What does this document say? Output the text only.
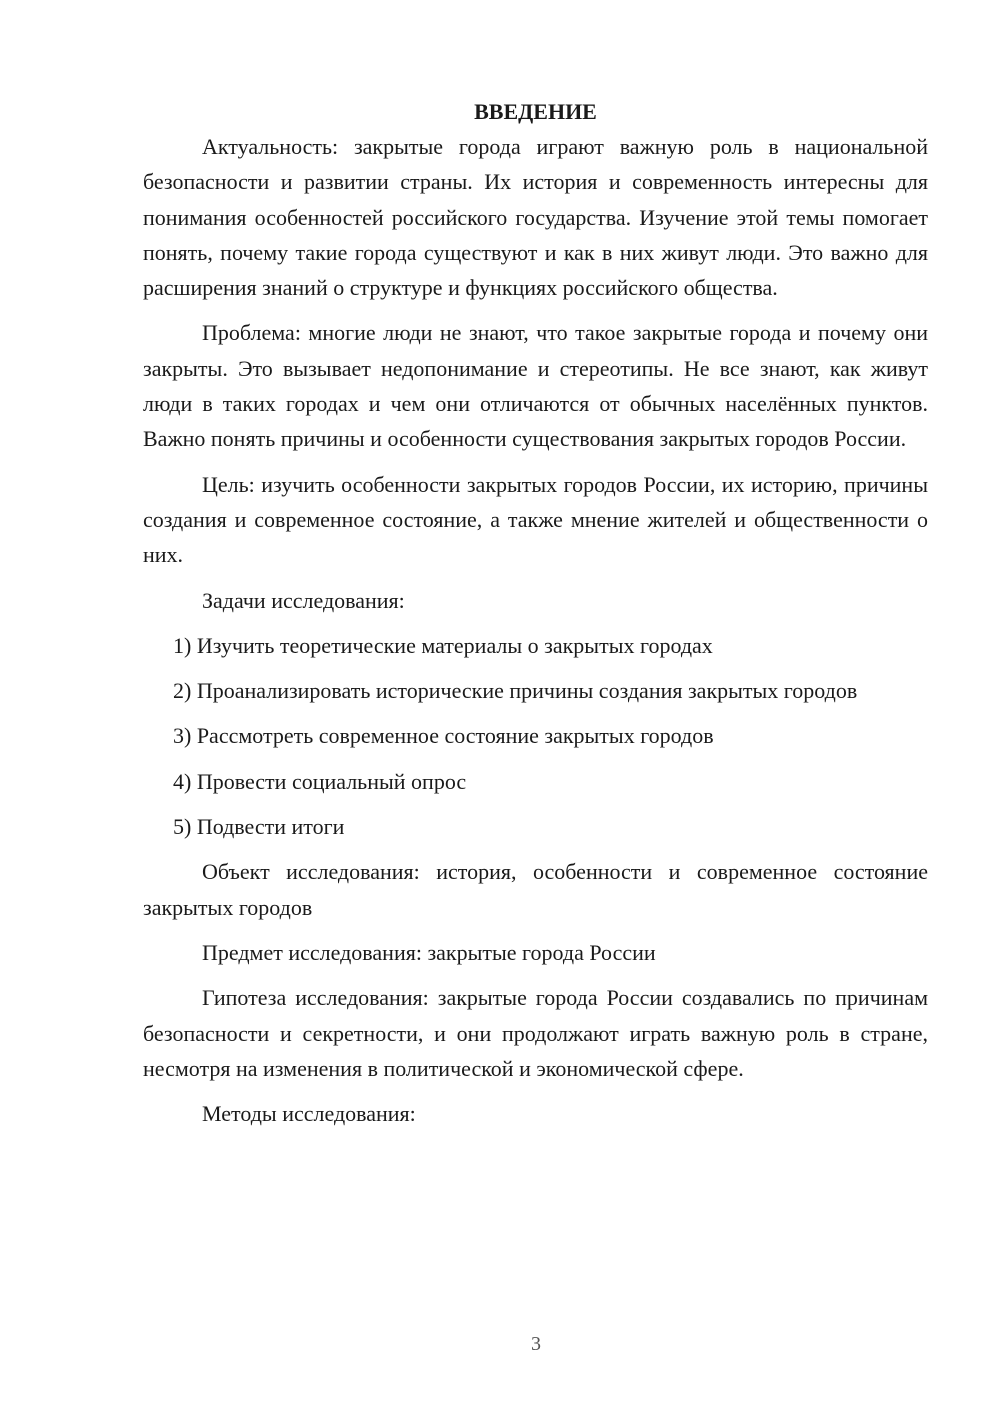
ВВЕДЕНИЕ

Актуальность: закрытые города играют важную роль в национальной безопасности и развитии страны. Их история и современность интересны для понимания особенностей российского государства. Изучение этой темы помогает понять, почему такие города существуют и как в них живут люди. Это важно для расширения знаний о структуре и функциях российского общества.

Проблема: многие люди не знают, что такое закрытые города и почему они закрыты. Это вызывает недопонимание и стереотипы. Не все знают, как живут люди в таких городах и чем они отличаются от обычных населённых пунктов. Важно понять причины и особенности существования закрытых городов России.

Цель: изучить особенности закрытых городов России, их историю, причины создания и современное состояние, а также мнение жителей и общественности о них.

Задачи исследования:

1) Изучить теоретические материалы о закрытых городах

2) Проанализировать исторические причины создания закрытых городов

3) Рассмотреть современное состояние закрытых городов

4) Провести социальный опрос

5) Подвести итоги

Объект исследования: история, особенности и современное состояние закрытых городов

Предмет исследования: закрытые города России

Гипотеза исследования: закрытые города России создавались по причинам безопасности и секретности, и они продолжают играть важную роль в стране, несмотря на изменения в политической и экономической сфере.

Методы исследования:

3
